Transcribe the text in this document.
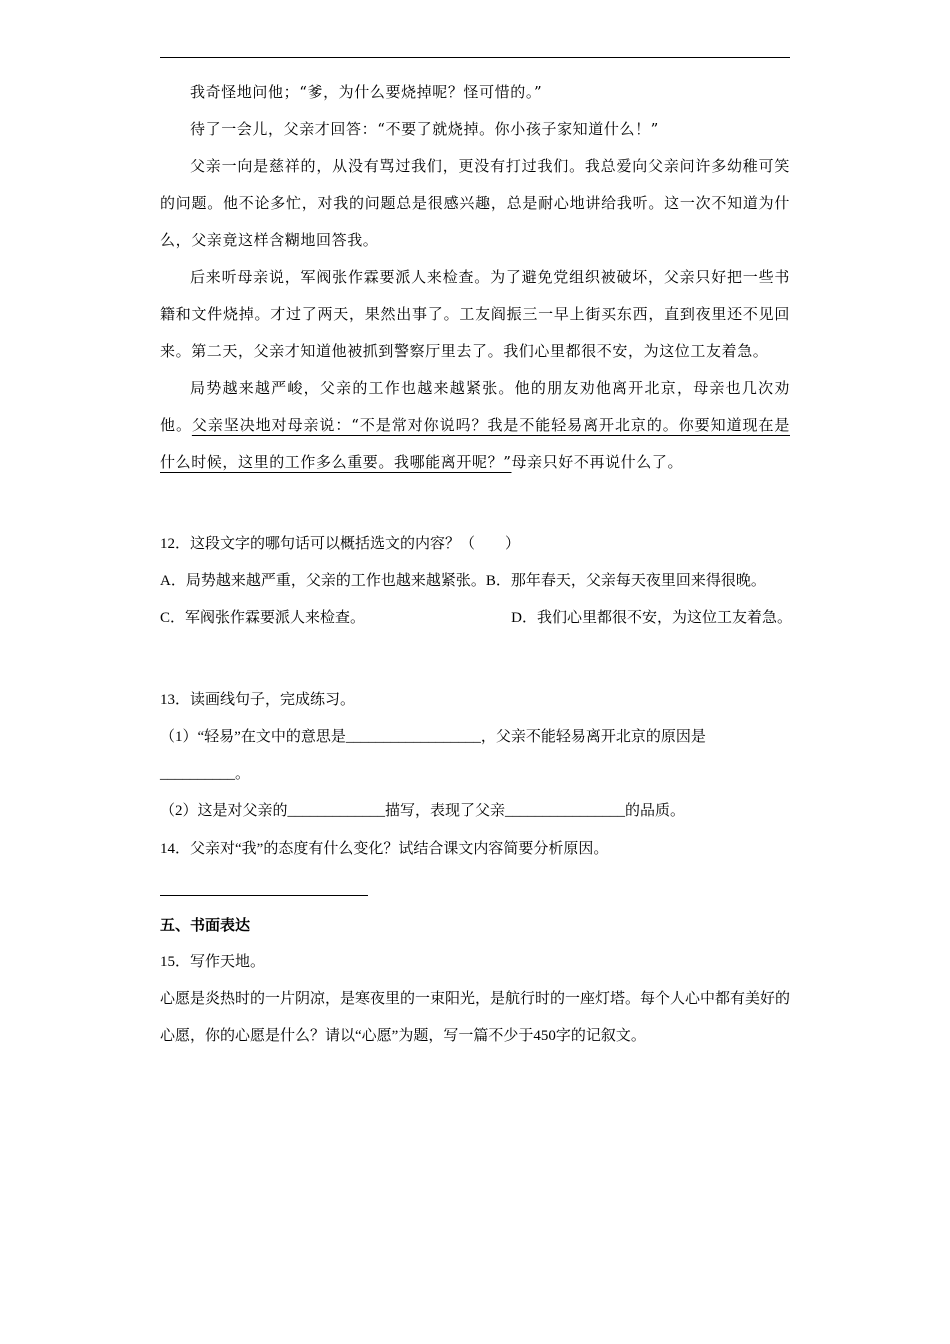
我奇怪地问他；“爹，为什么要烧掉呢？怪可惜的。”

待了一会儿，父亲才回答：“不要了就烧掉。你小孩子家知道什么！”

父亲一向是慈祥的，从没有骂过我们，更没有打过我们。我总爱向父亲问许多幼稚可笑的问题。他不论多忙，对我的问题总是很感兴趣，总是耐心地讲给我听。这一次不知道为什么，父亲竟这样含糊地回答我。

后来听母亲说，军阀张作霖要派人来检查。为了避免党组织被破坏，父亲只好把一些书籍和文件烧掉。才过了两天，果然出事了。工友阎振三一早上街买东西，直到夜里还不见回来。第二天，父亲才知道他被抓到警察厅里去了。我们心里都很不安，为这位工友着急。

局势越来越严峻，父亲的工作也越来越紧张。他的朋友劝他离开北京，母亲也几次劝他。父亲坚决地对母亲说：“不是常对你说吗？我是不能轻易离开北京的。你要知道现在是什么时候，这里的工作多么重要。我哪能离开呢？”母亲只好不再说什么了。

12．这段文字的哪句话可以概括选文的内容？（　　）
A．局势越来越严重，父亲的工作也越来越紧张。B．那年春天，父亲每天夜里回来得很晚。
C．军阀张作霖要派人来检查。	D．我们心里都很不安，为这位工友着急。
13．读画线句子，完成练习。
（1）“轻易”在文中的意思是__________________，父亲不能轻易离开北京的原因是__________。
（2）这是对父亲的_____________描写，表现了父亲________________的品质。
14．父亲对“我”的态度有什么变化？试结合课文内容简要分析原因。
五、书面表达

15．写作天地。

心愿是炎热时的一片阴凉，是寒夜里的一束阳光，是航行时的一座灯塔。每个人心中都有美好的心愿，你的心愿是什么？请以“心愿”为题，写一篇不少于450字的记叙文。
